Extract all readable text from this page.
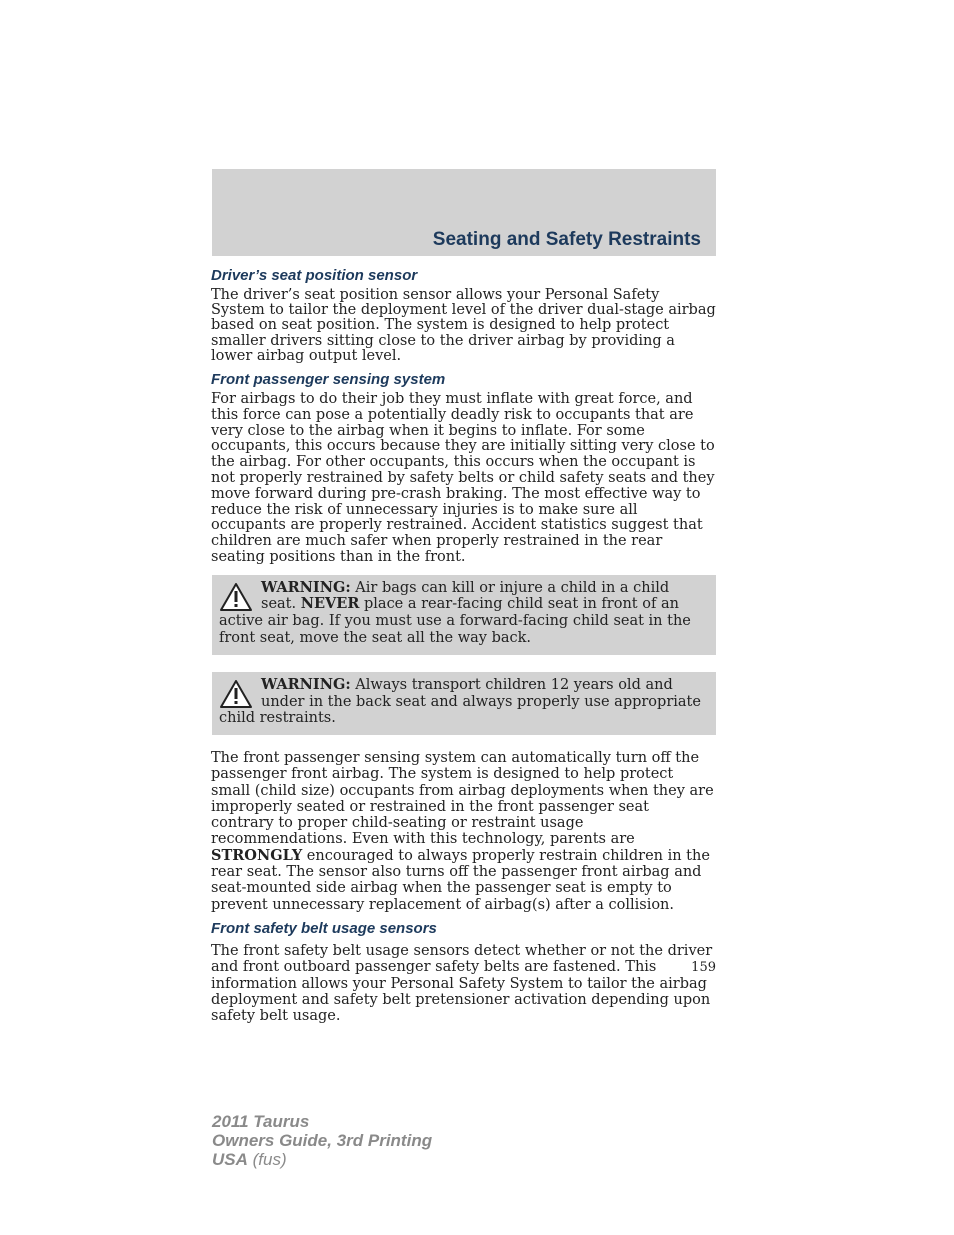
Seating and Safety Restraints
Driver’s seat position sensor

The driver’s seat position sensor allows your Personal Safety System to tailor the deployment level of the driver dual-stage airbag based on seat position. The system is designed to help protect smaller drivers sitting close to the driver airbag by providing a lower airbag output level.

Front passenger sensing system

For airbags to do their job they must inflate with great force, and this force can pose a potentially deadly risk to occupants that are very close to the airbag when it begins to inflate. For some occupants, this occurs because they are initially sitting very close to the airbag. For other occupants, this occurs when the occupant is not properly restrained by safety belts or child safety seats and they move forward during pre-crash braking. The most effective way to reduce the risk of unnecessary injuries is to make sure all occupants are properly restrained. Accident statistics suggest that children are much safer when properly restrained in the rear seating positions than in the front.

WARNING: Air bags can kill or injure a child in a child seat. NEVER place a rear-facing child seat in front of an active air bag. If you must use a forward-facing child seat in the front seat, move the seat all the way back.
WARNING: Always transport children 12 years old and under in the back seat and always properly use appropriate child restraints.

The front passenger sensing system can automatically turn off the passenger front airbag. The system is designed to help protect small (child size) occupants from airbag deployments when they are improperly seated or restrained in the front passenger seat contrary to proper child-seating or restraint usage recommendations. Even with this technology, parents are STRONGLY encouraged to always properly restrain children in the rear seat. The sensor also turns off the passenger front airbag and seat-mounted side airbag when the passenger seat is empty to prevent unnecessary replacement of airbag(s) after a collision.

Front safety belt usage sensors

The front safety belt usage sensors detect whether or not the driver and front outboard passenger safety belts are fastened. This information allows your Personal Safety System to tailor the airbag deployment and safety belt pretensioner activation depending upon safety belt usage.

159
2011 Taurus
Owners Guide, 3rd Printing
USA (fus)
